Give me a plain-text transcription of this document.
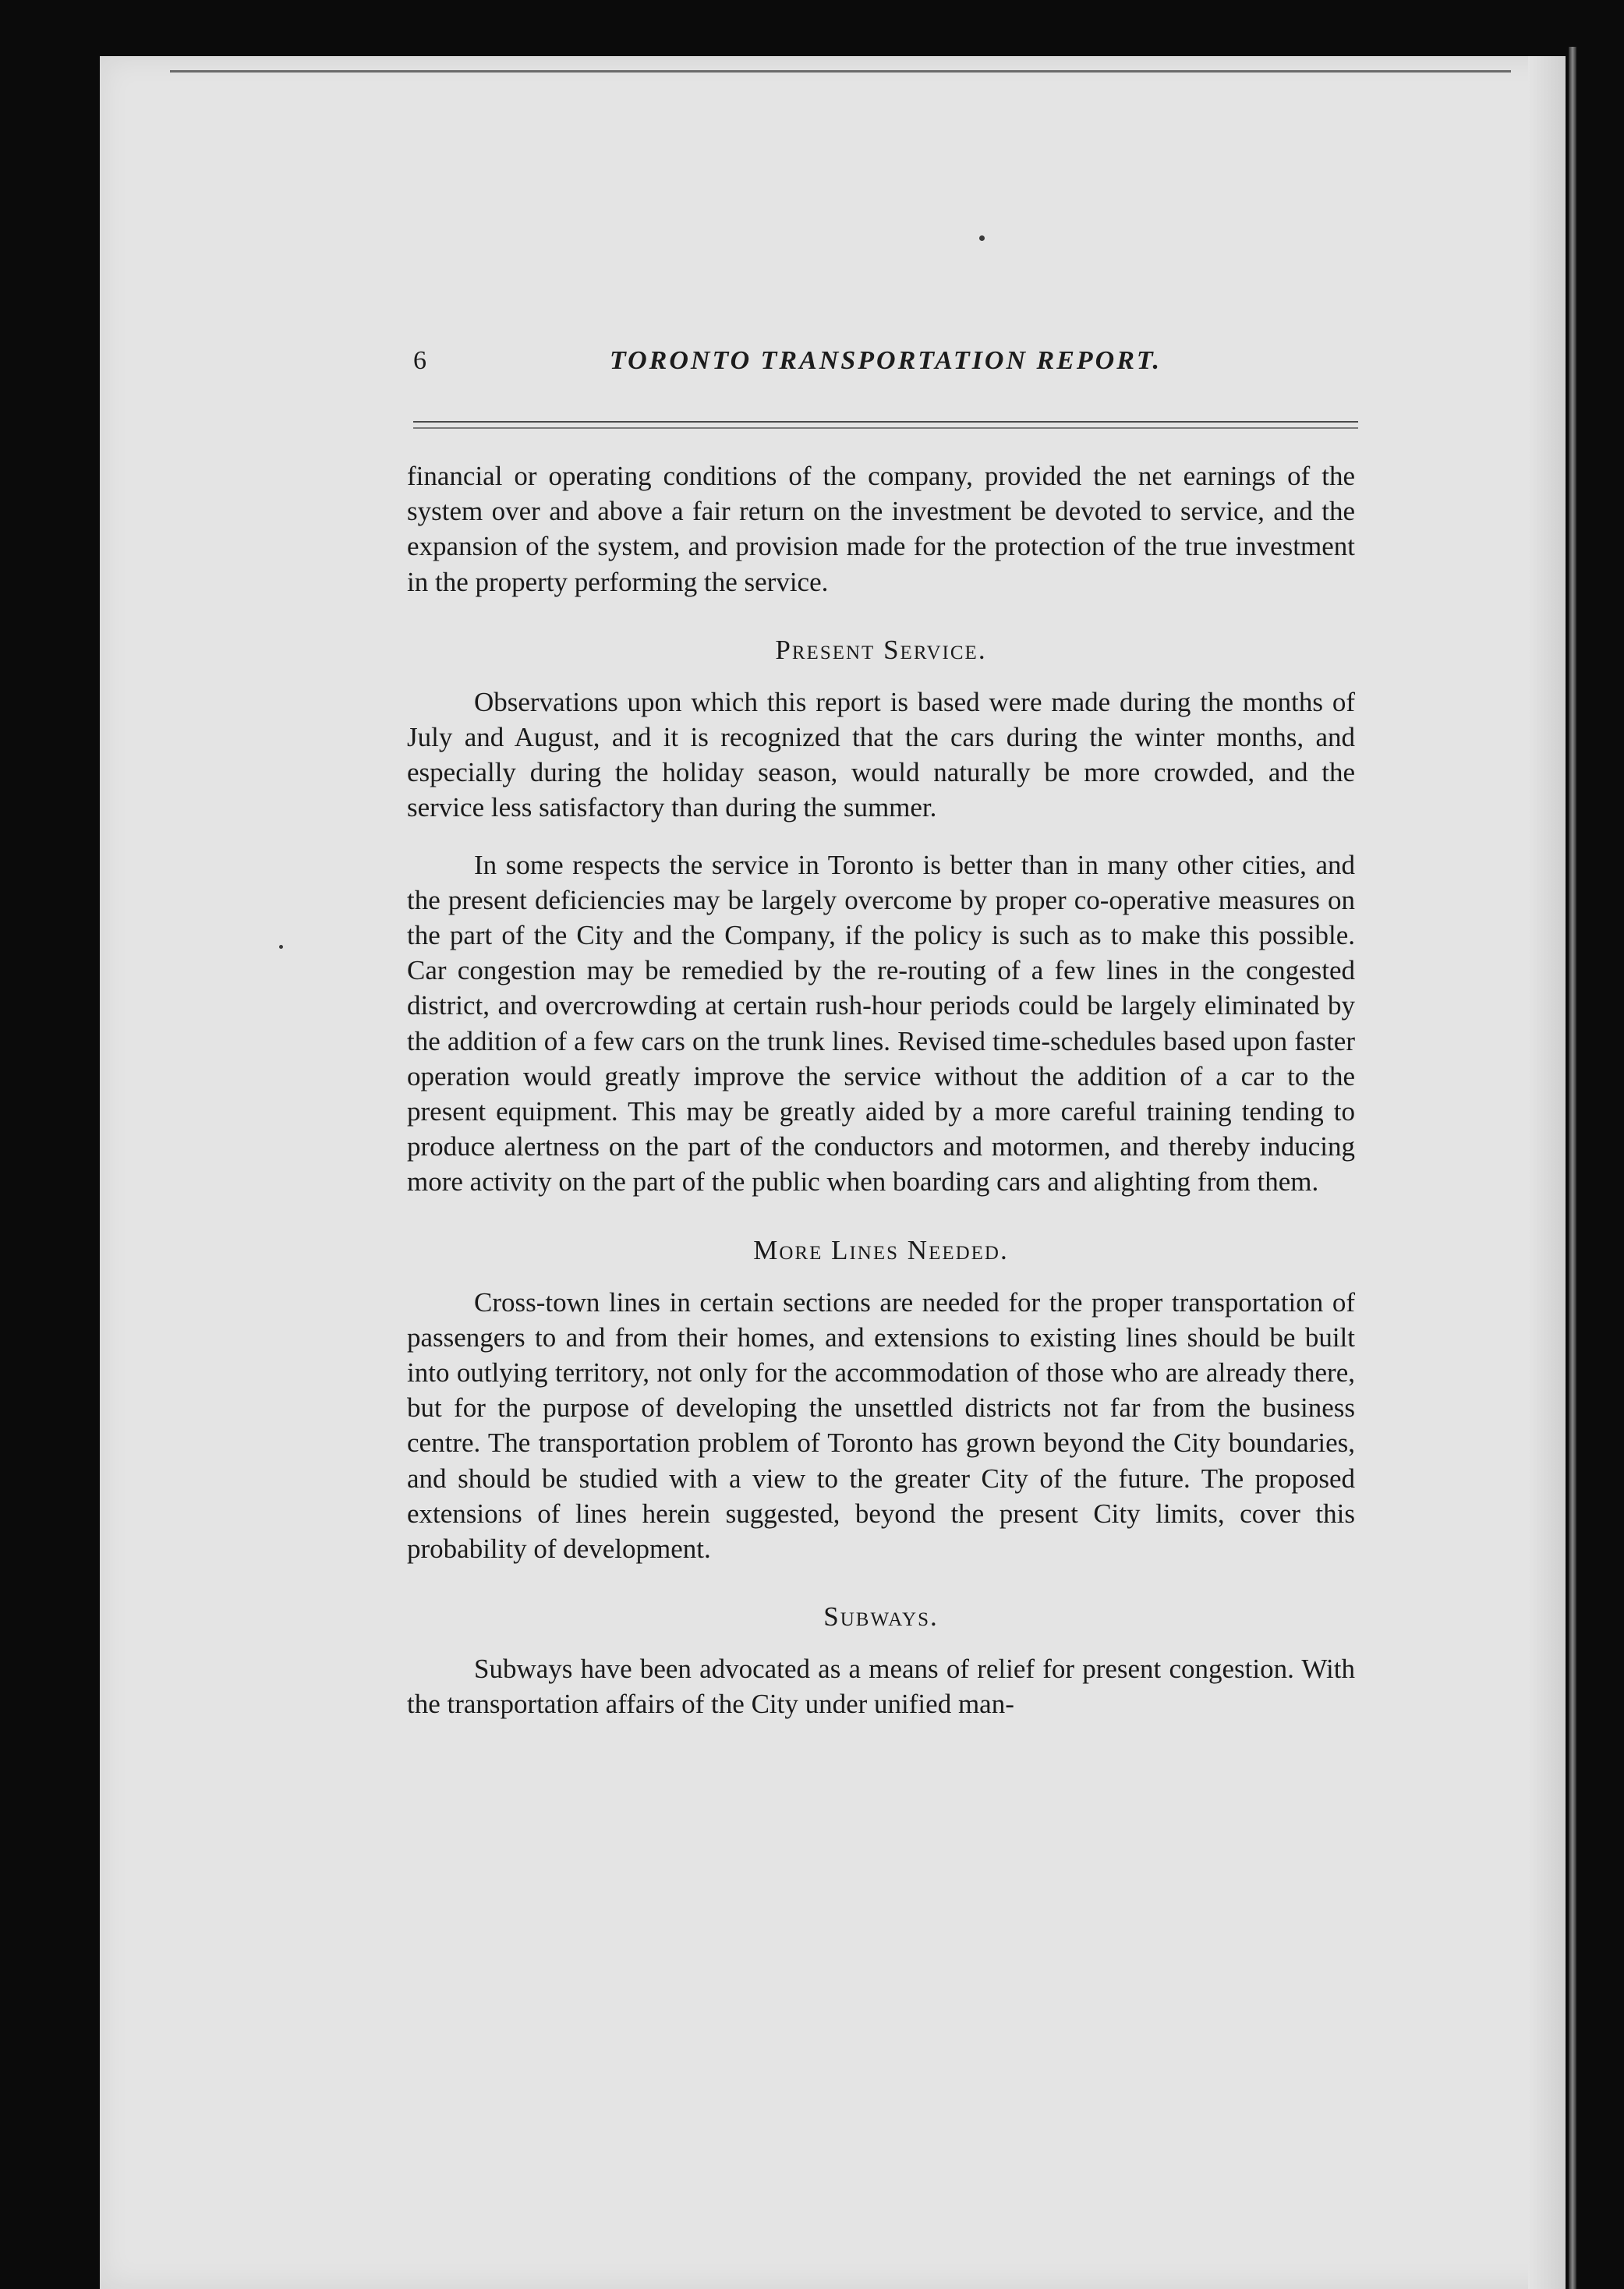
6	TORONTO TRANSPORTATION REPORT.

financial or operating conditions of the company, provided the net earnings of the system over and above a fair return on the investment be devoted to service, and the expansion of the system, and provision made for the protection of the true investment in the property performing the service.

Present Service.

Observations upon which this report is based were made during the months of July and August, and it is recognized that the cars during the winter months, and especially during the holiday season, would naturally be more crowded, and the service less satisfactory than during the summer.

In some respects the service in Toronto is better than in many other cities, and the present deficiencies may be largely overcome by proper co-operative measures on the part of the City and the Company, if the policy is such as to make this possible. Car congestion may be remedied by the re-routing of a few lines in the congested district, and overcrowding at certain rush-hour periods could be largely eliminated by the addition of a few cars on the trunk lines. Revised time-schedules based upon faster operation would greatly improve the service without the addition of a car to the present equipment. This may be greatly aided by a more careful training tending to produce alertness on the part of the conductors and motormen, and thereby inducing more activity on the part of the public when boarding cars and alighting from them.

More Lines Needed.

Cross-town lines in certain sections are needed for the proper transportation of passengers to and from their homes, and extensions to existing lines should be built into outlying territory, not only for the accommodation of those who are already there, but for the purpose of developing the unsettled districts not far from the business centre. The transportation problem of Toronto has grown beyond the City boundaries, and should be studied with a view to the greater City of the future. The proposed extensions of lines herein suggested, beyond the present City limits, cover this probability of development.

Subways.

Subways have been advocated as a means of relief for present congestion. With the transportation affairs of the City under unified man-
